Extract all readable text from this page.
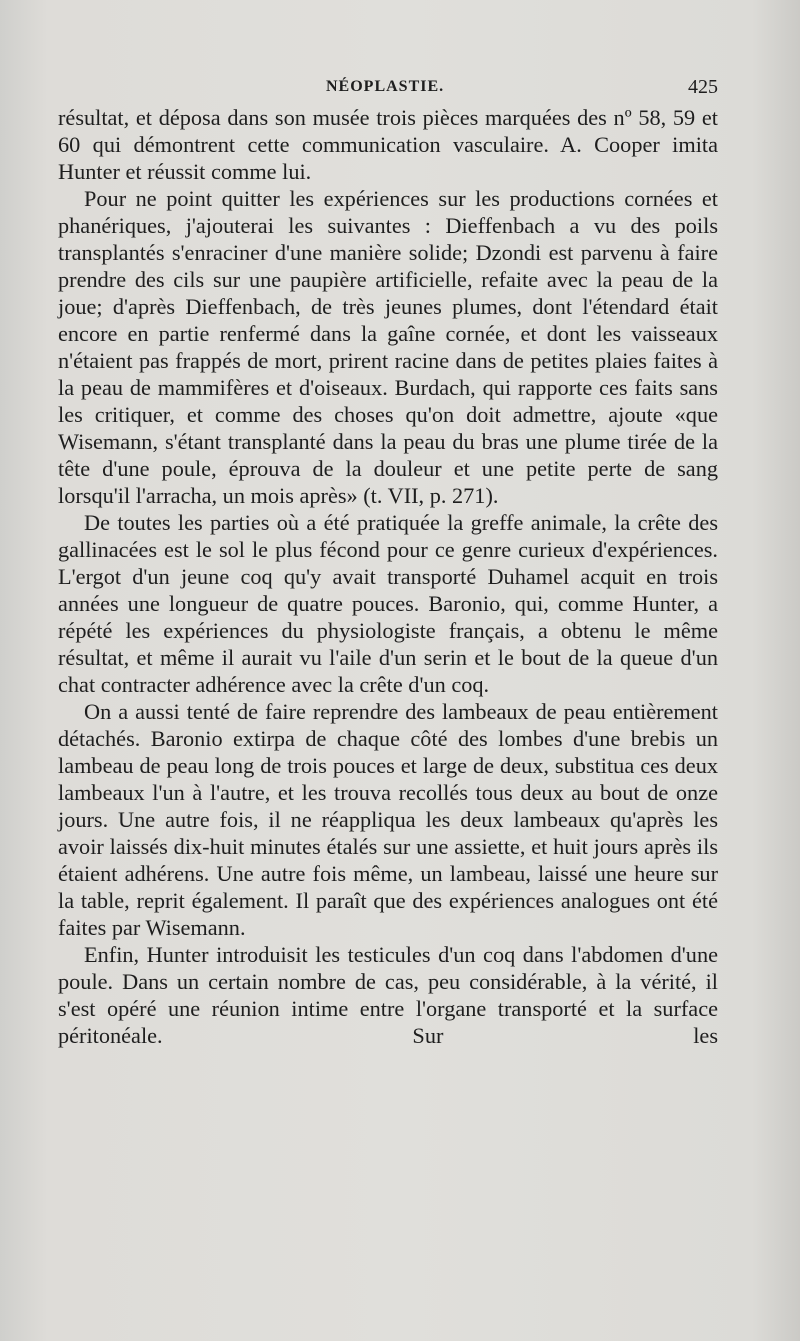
NÉOPLASTIE.	425

résultat, et déposa dans son musée trois pièces marquées des nº 58, 59 et 60 qui démontrent cette communication vasculaire. A. Cooper imita Hunter et réussit comme lui.

Pour ne point quitter les expériences sur les productions cornées et phanériques, j'ajouterai les suivantes : Dieffenbach a vu des poils transplantés s'enraciner d'une manière solide; Dzondi est parvenu à faire prendre des cils sur une paupière artificielle, refaite avec la peau de la joue; d'après Dieffenbach, de très jeunes plumes, dont l'étendard était encore en partie renfermé dans la gaîne cornée, et dont les vaisseaux n'étaient pas frappés de mort, prirent racine dans de petites plaies faites à la peau de mammifères et d'oiseaux. Burdach, qui rapporte ces faits sans les critiquer, et comme des choses qu'on doit admettre, ajoute «que Wisemann, s'étant transplanté dans la peau du bras une plume tirée de la tête d'une poule, éprouva de la douleur et une petite perte de sang lorsqu'il l'arracha, un mois après» (t. VII, p. 271).

De toutes les parties où a été pratiquée la greffe animale, la crête des gallinacées est le sol le plus fécond pour ce genre curieux d'expériences. L'ergot d'un jeune coq qu'y avait transporté Duhamel acquit en trois années une longueur de quatre pouces. Baronio, qui, comme Hunter, a répété les expériences du physiologiste français, a obtenu le même résultat, et même il aurait vu l'aile d'un serin et le bout de la queue d'un chat contracter adhérence avec la crête d'un coq.

On a aussi tenté de faire reprendre des lambeaux de peau entièrement détachés. Baronio extirpa de chaque côté des lombes d'une brebis un lambeau de peau long de trois pouces et large de deux, substitua ces deux lambeaux l'un à l'autre, et les trouva recollés tous deux au bout de onze jours. Une autre fois, il ne réappliqua les deux lambeaux qu'après les avoir laissés dix-huit minutes étalés sur une assiette, et huit jours après ils étaient adhérens. Une autre fois même, un lambeau, laissé une heure sur la table, reprit également. Il paraît que des expériences analogues ont été faites par Wisemann.

Enfin, Hunter introduisit les testicules d'un coq dans l'abdomen d'une poule. Dans un certain nombre de cas, peu considérable, à la vérité, il s'est opéré une réunion intime entre l'organe transporté et la surface péritonéale. Sur les
